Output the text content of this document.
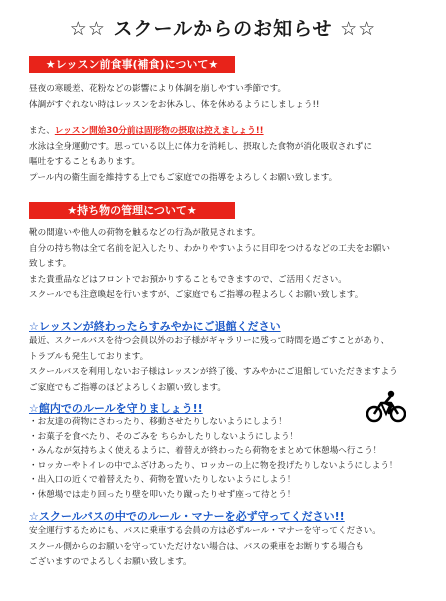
☆☆ スクールからのお知らせ ☆☆
★レッスン前食事(補食)について★
昼夜の寒暖差、花粉などの影響により体調を崩しやすい季節です。
体調がすぐれない時はレッスンをお休みし、体を休めるようにしましょう!!
また、レッスン開始30分前は固形物の摂取は控えましょう!!
水泳は全身運動です。思っている以上に体力を消耗し、摂取した食物が消化吸収されずに
嘔吐をすることもあります。
プール内の衛生面を維持する上でもご家庭での指導をよろしくお願い致します。
★持ち物の管理について★
靴の間違いや他人の荷物を触るなどの行為が散見されます。
自分の持ち物は全て名前を記入したり、わかりやすいように目印をつけるなどの工夫をお願い
致します。
また貴重品などはフロントでお預かりすることもできますので、ご活用ください。
スクールでも注意喚起を行いますが、ご家庭でもご指導の程よろしくお願い致します。
☆レッスンが終わったらすみやかにご退館ください
最近、スクールバスを待つ会員以外のお子様がギャラリーに残って時間を過ごすことがあり、
トラブルも発生しております。
スクールバスを利用しないお子様はレッスンが終了後、すみやかにご退館していただきますよう
ご家庭でもご指導のほどよろしくお願い致します。
☆館内でのルールを守りましょう!!
・お友達の荷物にさわったり、移動させたりしないようにしよう！
・お菓子を食べたり、そのごみを ちらかしたりしないようにしよう！
・みんなが気持ちよく使えるように、着替えが終わったら荷物をまとめて休憩場へ行こう！
・ロッカーやトイレの中でふざけあったり、ロッカーの上に物を投げたりしないようにしよう！
・出入口の近くで着替えたり、荷物を置いたりしないようにしよう！
・休憩場では走り回ったり壁を叩いたり蹴ったりせず座って待とう！
☆スクールバスの中でのルール・マナーを必ず守ってください!!
安全運行するためにも、バスに乗車する会員の方は必ずルール・マナーを守ってください。
スクール側からのお願いを守っていただけない場合は、バスの乗車をお断りする場合も
ございますのでよろしくお願い致します。
